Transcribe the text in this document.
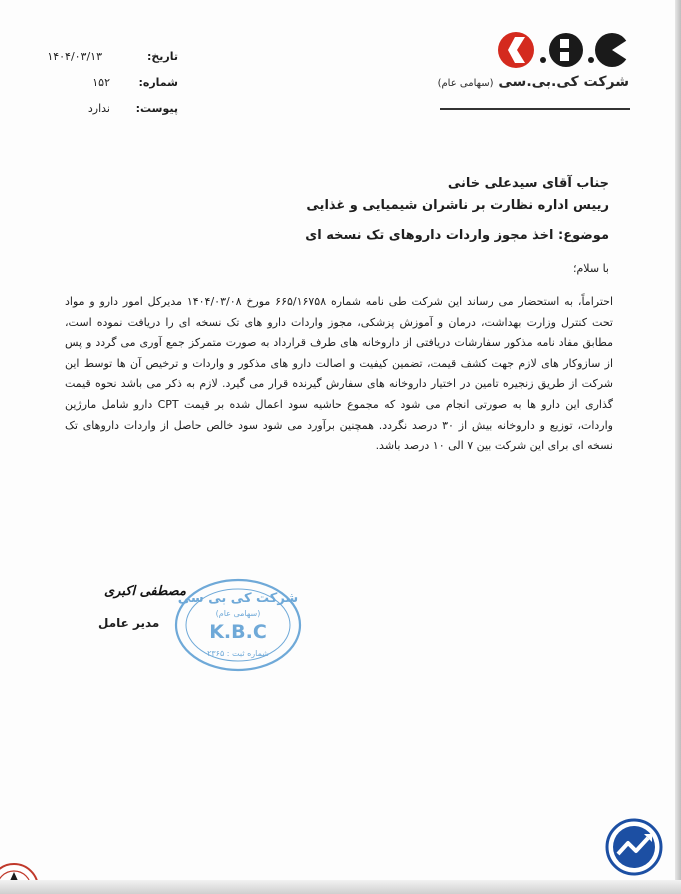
K.B.C
شرکت کی.بی.سی (سهامی عام)
تاریخ:
۱۴۰۴/۰۳/۱۳
شماره:
۱۵۲
پیوست:
ندارد
جناب آقای سیدعلی خانی
رییس اداره نظارت بر ناشران شیمیایی و غذایی
موضوع: اخذ مجوز واردات داروهای تک نسخه ای
با سلام؛
احتراماً، به استحضار می رساند این شرکت طی نامه شماره ۶۶۵/۱۶۷۵۸ مورخ ۱۴۰۴/۰۳/۰۸ مدیرکل امور دارو و مواد تحت کنترل وزارت بهداشت، درمان و آموزش پزشکی، مجوز واردات دارو های تک نسخه ای را دریافت نموده است، مطابق مفاد نامه مذکور سفارشات دریافتی از داروخانه های طرف قرارداد به صورت متمرکز جمع آوری می گردد و پس از سازوکار های لازم جهت کشف قیمت، تضمین کیفیت و اصالت دارو های مذکور و واردات و ترخیص آن ها توسط این شرکت از طریق زنجیره تامین در اختیار داروخانه های سفارش گیرنده قرار می گیرد. لازم به ذکر می باشد نحوه قیمت گذاری این دارو ها به صورتی انجام می شود که مجموع حاشیه سود اعمال شده بر قیمت CPT دارو شامل مارژین واردات، توزیع و داروخانه بیش از ۳۰ درصد نگردد. همچنین برآورد می شود سود خالص حاصل از واردات داروهای تک نسخه ای برای این شرکت بین ۷ الی ۱۰ درصد باشد.
مصطفی اکبری
مدیر عامل
شرکت کی بی سی
(سهامی عام)
K.B.C
شماره ثبت : ۲۳۶۵
